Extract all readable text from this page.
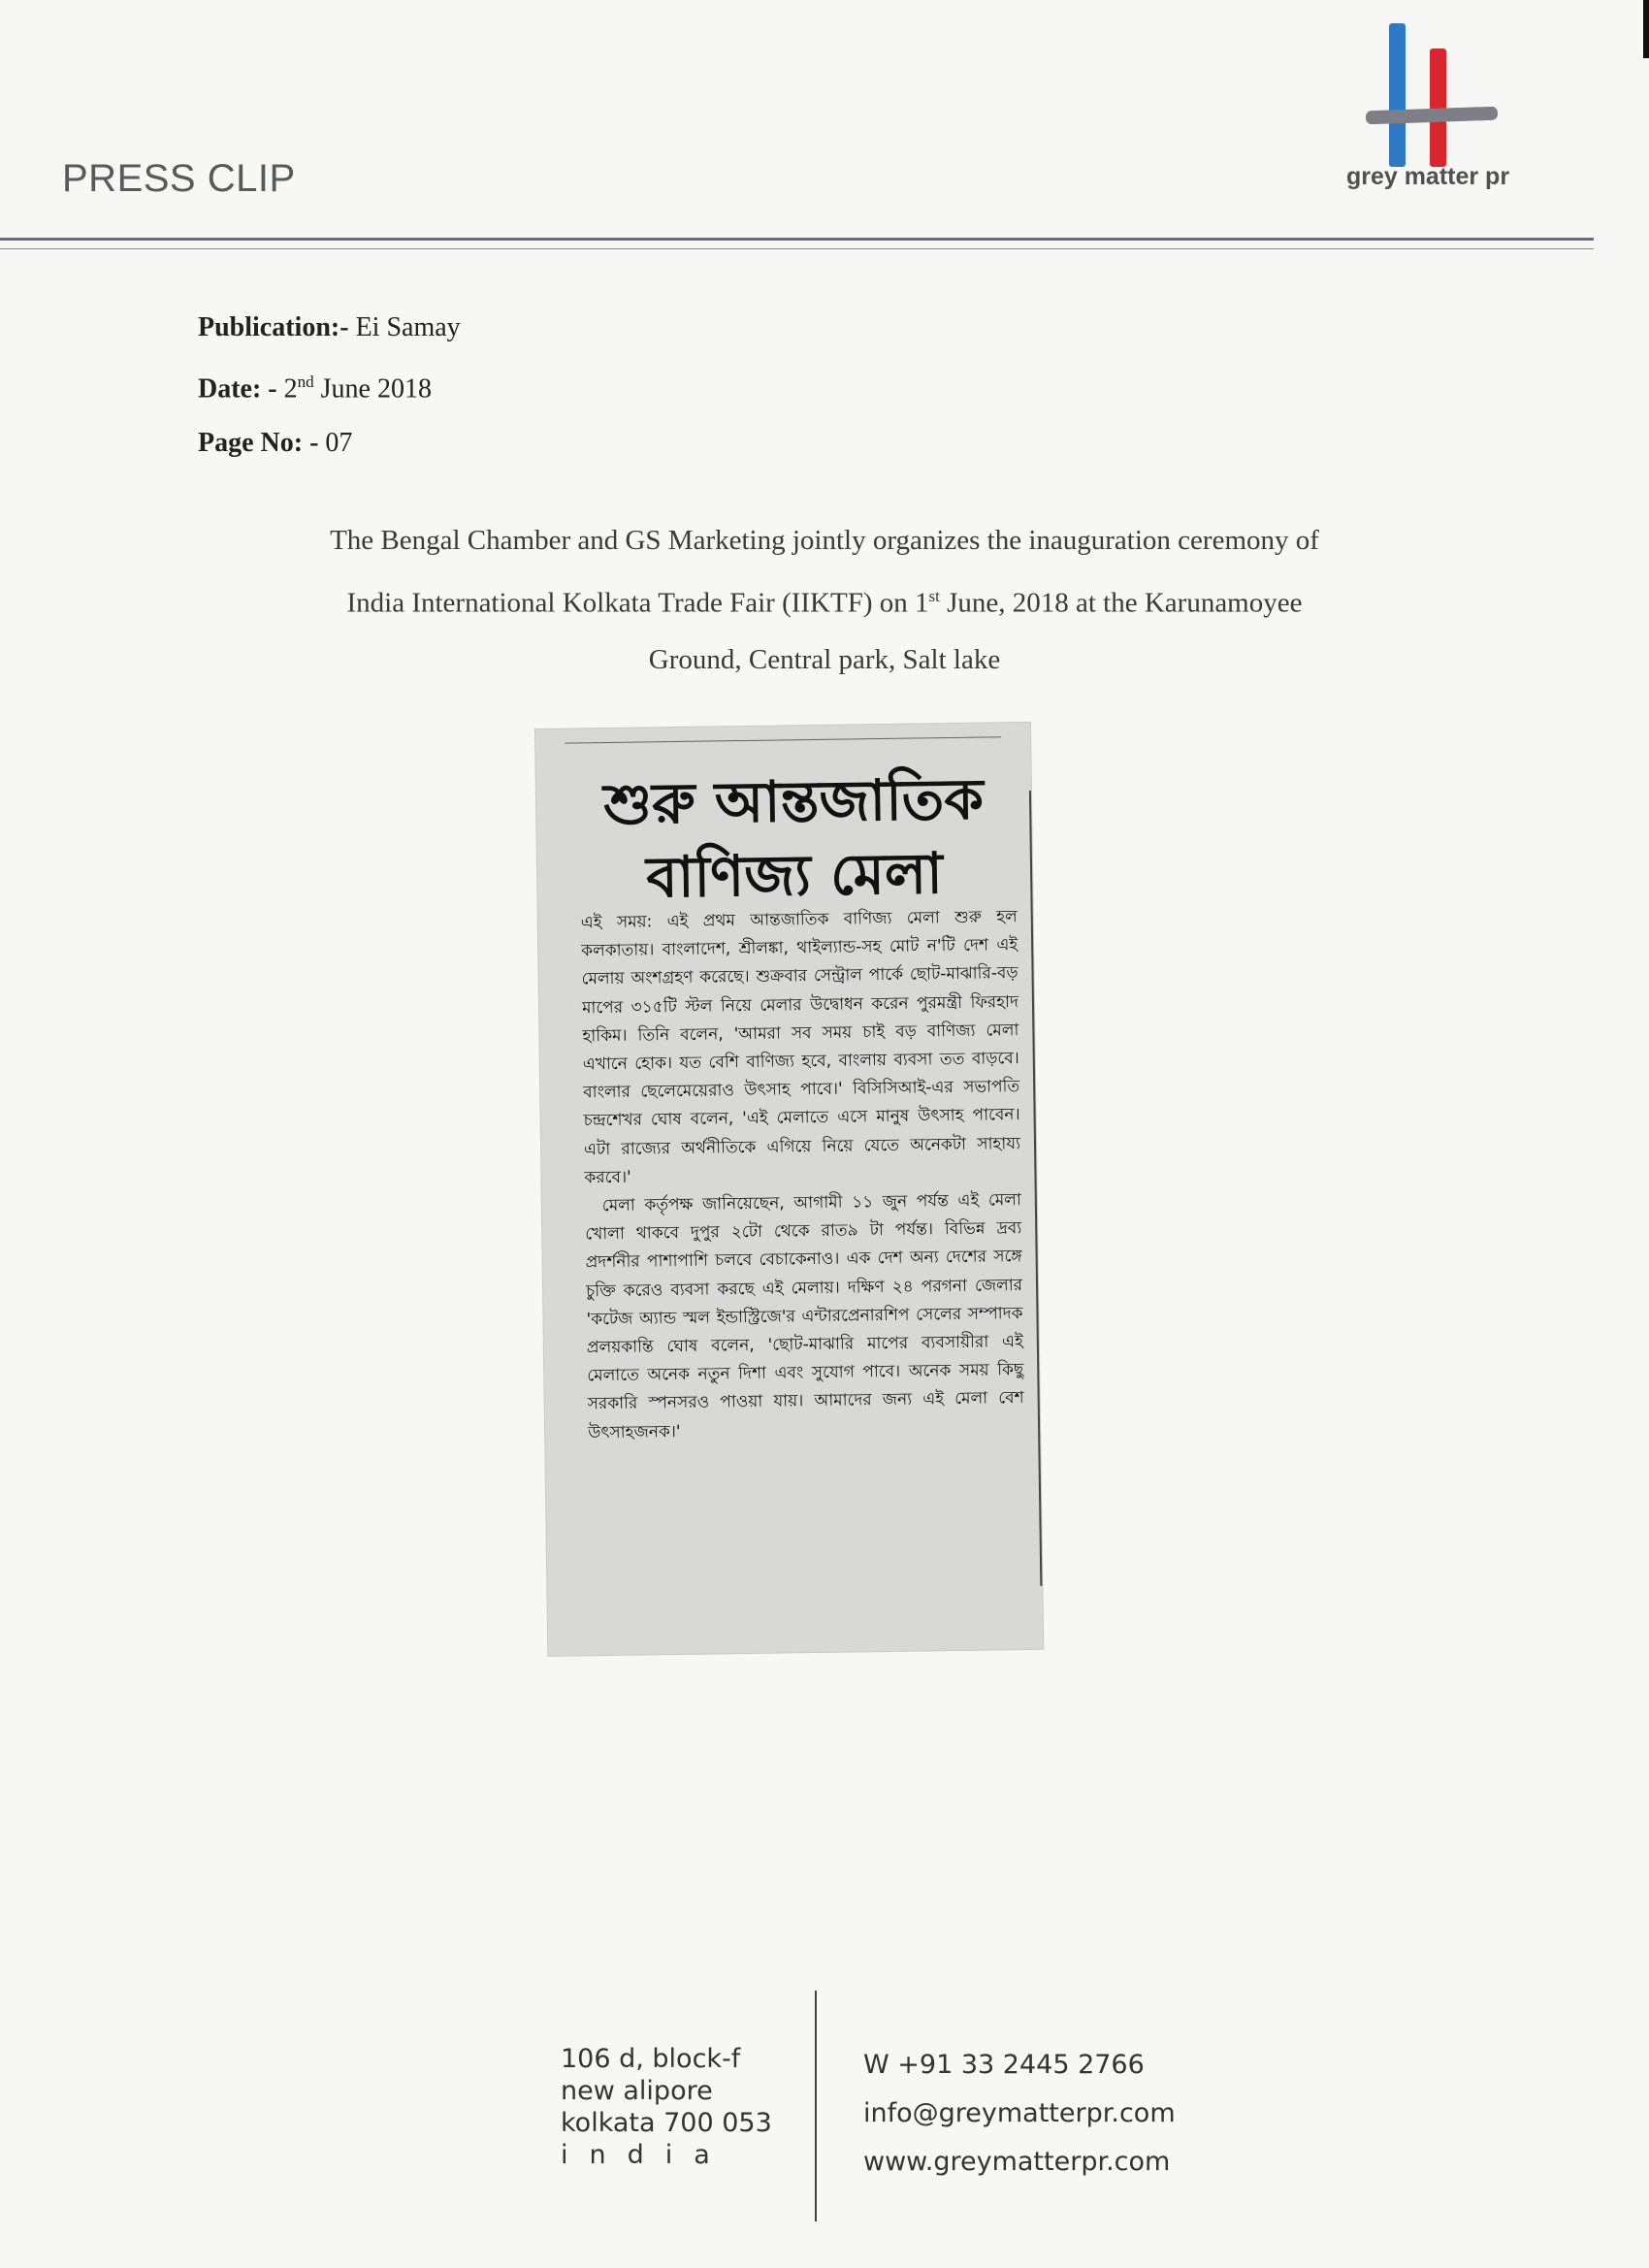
PRESS CLIP	grey matter pr
Publication:- Ei Samay
Date: - 2nd June 2018
Page No: - 07
The Bengal Chamber and GS Marketing jointly organizes the inauguration ceremony of
India International Kolkata Trade Fair (IIKTF) on 1st June, 2018 at the Karunamoyee
Ground, Central park, Salt lake
শুরু আন্তজাতিক
বাণিজ্য মেলা

এই সময়: এই প্রথম আন্তজাতিক বাণিজ্য মেলা শুরু হল কলকাতায়। বাংলাদেশ, শ্রীলঙ্কা, থাইল্যান্ড-সহ মোট ন'টি দেশ এই মেলায় অংশগ্রহণ করেছে। শুক্রবার সেন্ট্রাল পার্কে ছোট-মাঝারি-বড় মাপের ৩১৫টি স্টল নিয়ে মেলার উদ্বোধন করেন পুরমন্ত্রী ফিরহাদ হাকিম। তিনি বলেন, 'আমরা সব সময় চাই বড় বাণিজ্য মেলা এখানে হোক। যত বেশি বাণিজ্য হবে, বাংলায় ব্যবসা তত বাড়বে। বাংলার ছেলেমেয়েরাও উৎসাহ পাবে।' বিসিসিআই-এর সভাপতি চন্দ্রশেখর ঘোষ বলেন, 'এই মেলাতে এসে মানুষ উৎসাহ পাবেন। এটা রাজ্যের অর্থনীতিকে এগিয়ে নিয়ে যেতে অনেকটা সাহায্য করবে।'

মেলা কর্তৃপক্ষ জানিয়েছেন, আগামী ১১ জুন পর্যন্ত এই মেলা খোলা থাকবে দুপুর ২টো থেকে রাত৯ টা পর্যন্ত। বিভিন্ন দ্রব্য প্রদর্শনীর পাশাপাশি চলবে বেচাকেনাও। এক দেশ অন্য দেশের সঙ্গে চুক্তি করেও ব্যবসা করছে এই মেলায়। দক্ষিণ ২৪ পরগনা জেলার 'কটেজ অ্যান্ড স্মল ইন্ডাস্ট্রিজে'র এন্টারপ্রেনারশিপ সেলের সম্পাদক প্রলয়কান্তি ঘোষ বলেন, 'ছোট-মাঝারি মাপের ব্যবসায়ীরা এই মেলাতে অনেক নতুন দিশা এবং সুযোগ পাবে। অনেক সময় কিছু সরকারি স্পনসরও পাওয়া যায়। আমাদের জন্য এই মেলা বেশ উৎসাহজনক।'

106 d, block-f
new alipore
kolkata 700 053
india
W +91 33 2445 2766
info@greymatterpr.com
www.greymatterpr.com
